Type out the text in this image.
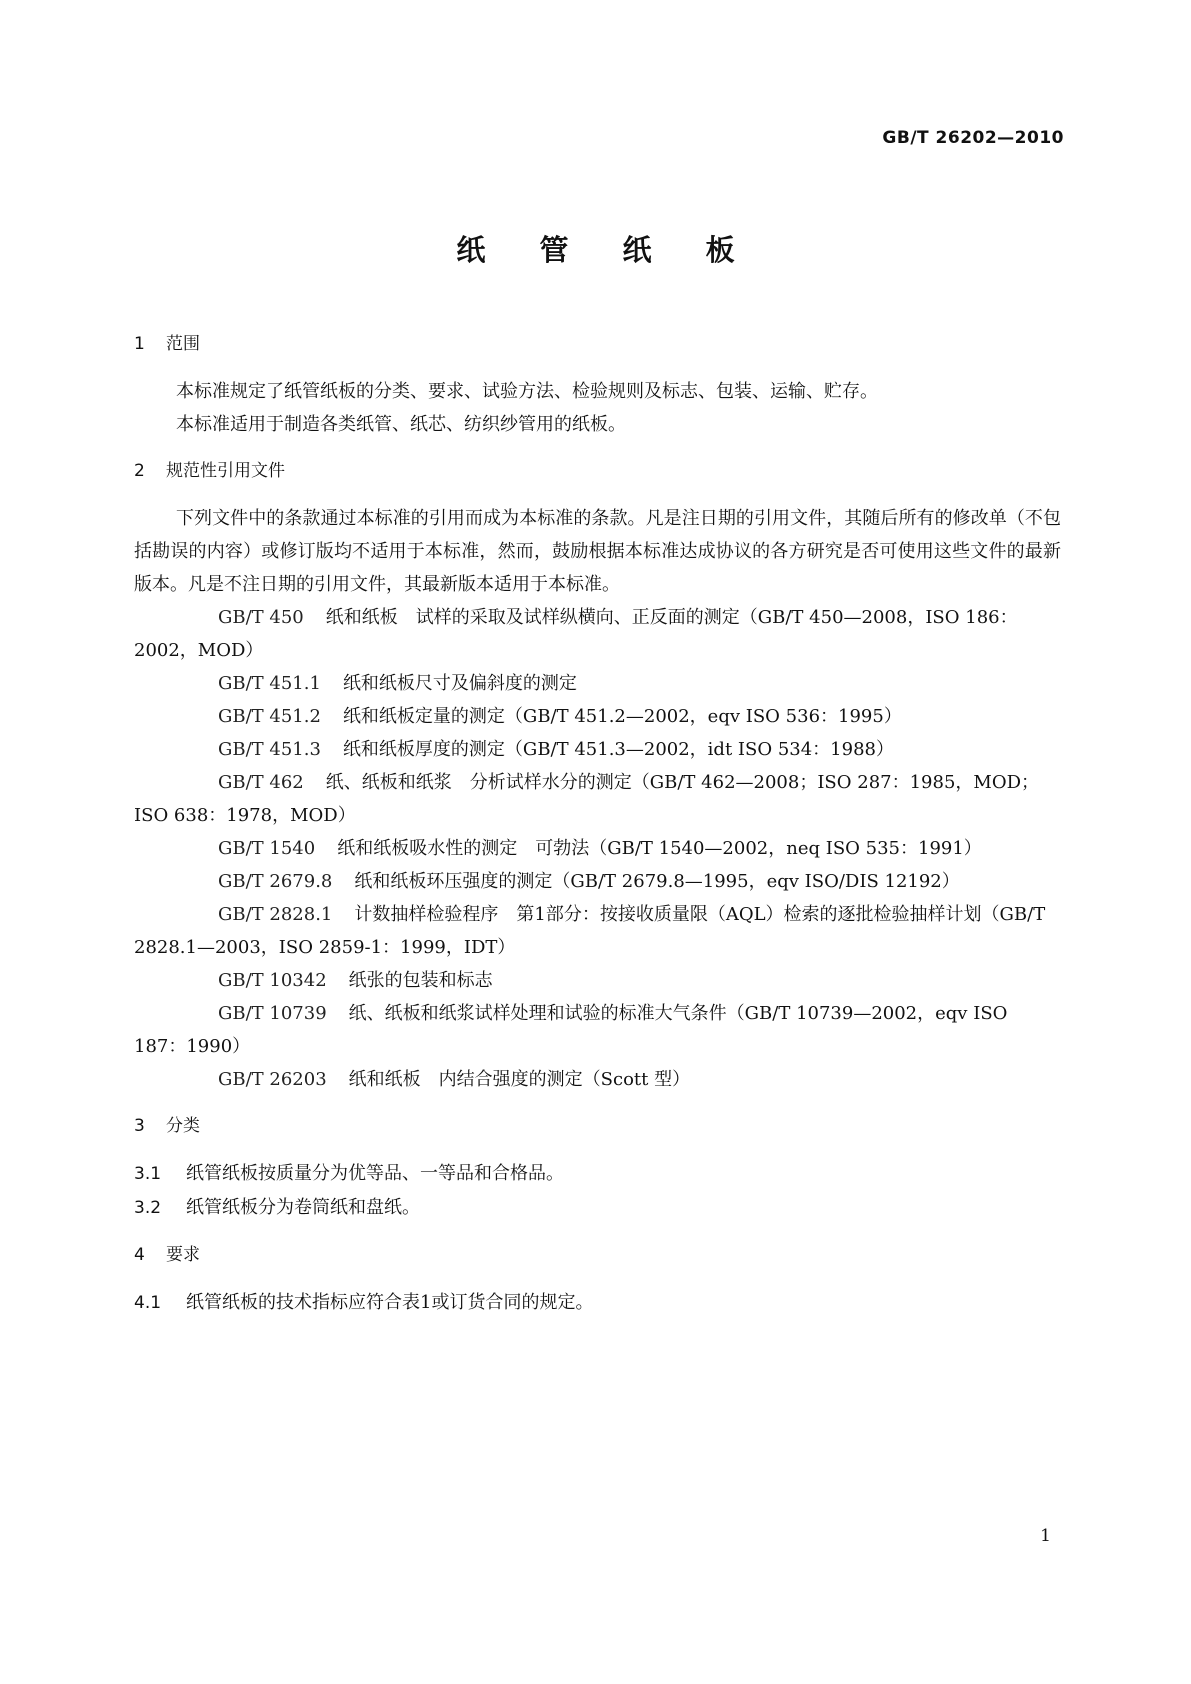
GB/T 26202—2010
纸 管 纸 板
1 范围
本标准规定了纸管纸板的分类、要求、试验方法、检验规则及标志、包装、运输、贮存。
本标准适用于制造各类纸管、纸芯、纺织纱管用的纸板。
2 规范性引用文件
下列文件中的条款通过本标准的引用而成为本标准的条款。凡是注日期的引用文件，其随后所有的修改单（不包括勘误的内容）或修订版均不适用于本标准，然而，鼓励根据本标准达成协议的各方研究是否可使用这些文件的最新版本。凡是不注日期的引用文件，其最新版本适用于本标准。
GB/T 450 纸和纸板　试样的采取及试样纵横向、正反面的测定（GB/T 450—2008，ISO 186：2002，MOD）
GB/T 451.1 纸和纸板尺寸及偏斜度的测定
GB/T 451.2 纸和纸板定量的测定（GB/T 451.2—2002，eqv ISO 536：1995）
GB/T 451.3 纸和纸板厚度的测定（GB/T 451.3—2002，idt ISO 534：1988）
GB/T 462 纸、纸板和纸浆　分析试样水分的测定（GB/T 462—2008；ISO 287：1985，MOD；ISO 638：1978，MOD）
GB/T 1540 纸和纸板吸水性的测定　可勃法（GB/T 1540—2002，neq ISO 535：1991）
GB/T 2679.8 纸和纸板环压强度的测定（GB/T 2679.8—1995，eqv ISO/DIS 12192）
GB/T 2828.1 计数抽样检验程序　第1部分：按接收质量限（AQL）检索的逐批检验抽样计划（GB/T 2828.1—2003，ISO 2859-1：1999，IDT）
GB/T 10342 纸张的包装和标志
GB/T 10739 纸、纸板和纸浆试样处理和试验的标准大气条件（GB/T 10739—2002，eqv ISO 187：1990）
GB/T 26203 纸和纸板　内结合强度的测定（Scott 型）
3 分类
3.1 纸管纸板按质量分为优等品、一等品和合格品。
3.2 纸管纸板分为卷筒纸和盘纸。
4 要求
4.1 纸管纸板的技术指标应符合表1或订货合同的规定。
1
